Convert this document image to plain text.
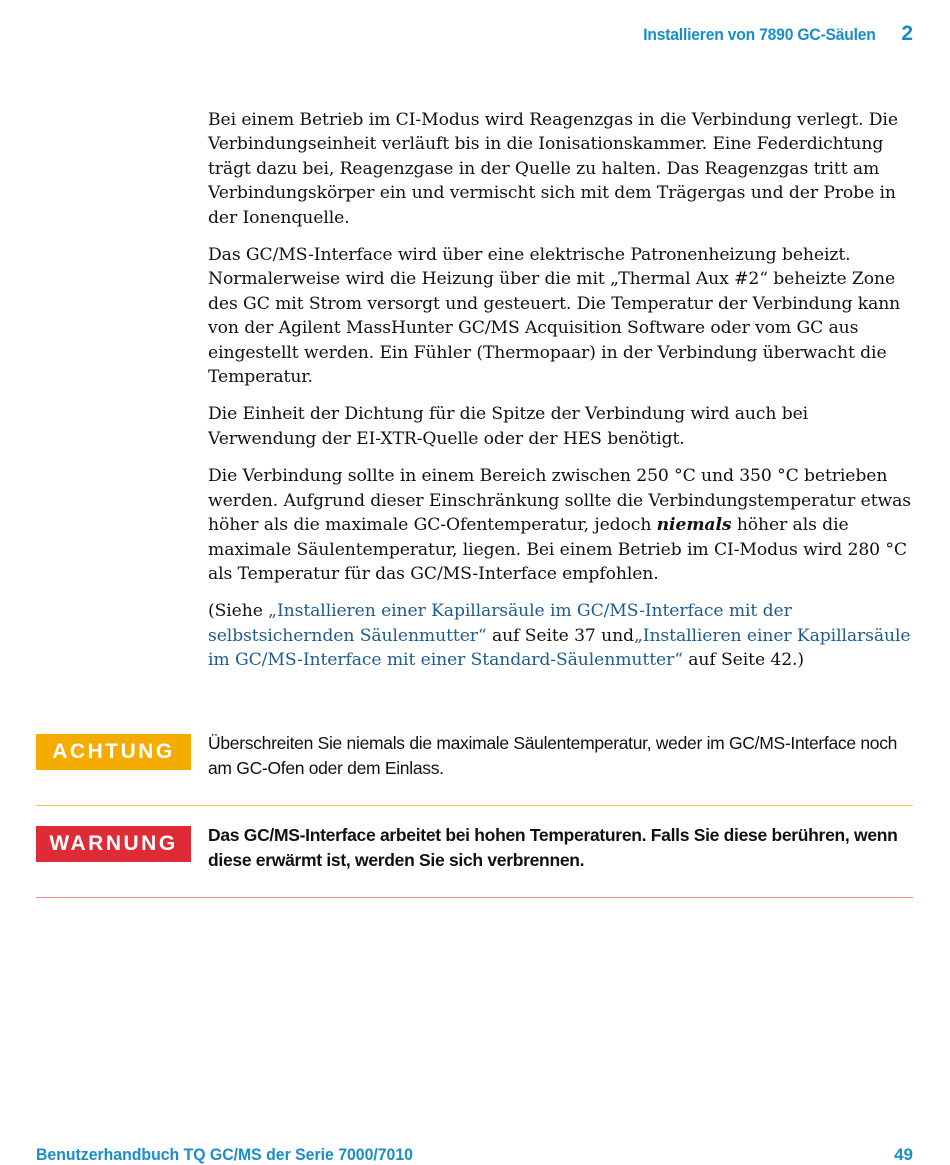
Installieren von 7890 GC-Säulen 2

Bei einem Betrieb im CI-Modus wird Reagenzgas in die Verbindung verlegt. Die Verbindungseinheit verläuft bis in die Ionisationskammer. Eine Federdichtung trägt dazu bei, Reagenzgase in der Quelle zu halten. Das Reagenzgas tritt am Verbindungskörper ein und vermischt sich mit dem Trägergas und der Probe in der Ionenquelle.

Das GC/MS-Interface wird über eine elektrische Patronenheizung beheizt. Normalerweise wird die Heizung über die mit „Thermal Aux #2“ beheizte Zone des GC mit Strom versorgt und gesteuert. Die Temperatur der Verbindung kann von der Agilent MassHunter GC/MS Acquisition Software oder vom GC aus eingestellt werden. Ein Fühler (Thermopaar) in der Verbindung überwacht die Temperatur.

Die Einheit der Dichtung für die Spitze der Verbindung wird auch bei Verwendung der EI-XTR-Quelle oder der HES benötigt.

Die Verbindung sollte in einem Bereich zwischen 250 °C und 350 °C betrieben werden. Aufgrund dieser Einschränkung sollte die Verbindungstemperatur etwas höher als die maximale GC-Ofentemperatur, jedoch niemals höher als die maximale Säulentemperatur, liegen. Bei einem Betrieb im CI-Modus wird 280 °C als Temperatur für das GC/MS-Interface empfohlen.

(Siehe „Installieren einer Kapillarsäule im GC/MS-Interface mit der selbstsichernden Säulenmutter“ auf Seite 37 und„Installieren einer Kapillarsäule im GC/MS-Interface mit einer Standard-Säulenmutter“ auf Seite 42.)

ACHTUNG	Überschreiten Sie niemals die maximale Säulentemperatur, weder im GC/MS-Interface noch am GC-Ofen oder dem Einlass.
WARNUNG	Das GC/MS-Interface arbeitet bei hohen Temperaturen. Falls Sie diese berühren, wenn diese erwärmt ist, werden Sie sich verbrennen.
Benutzerhandbuch TQ GC/MS der Serie 7000/7010	49
